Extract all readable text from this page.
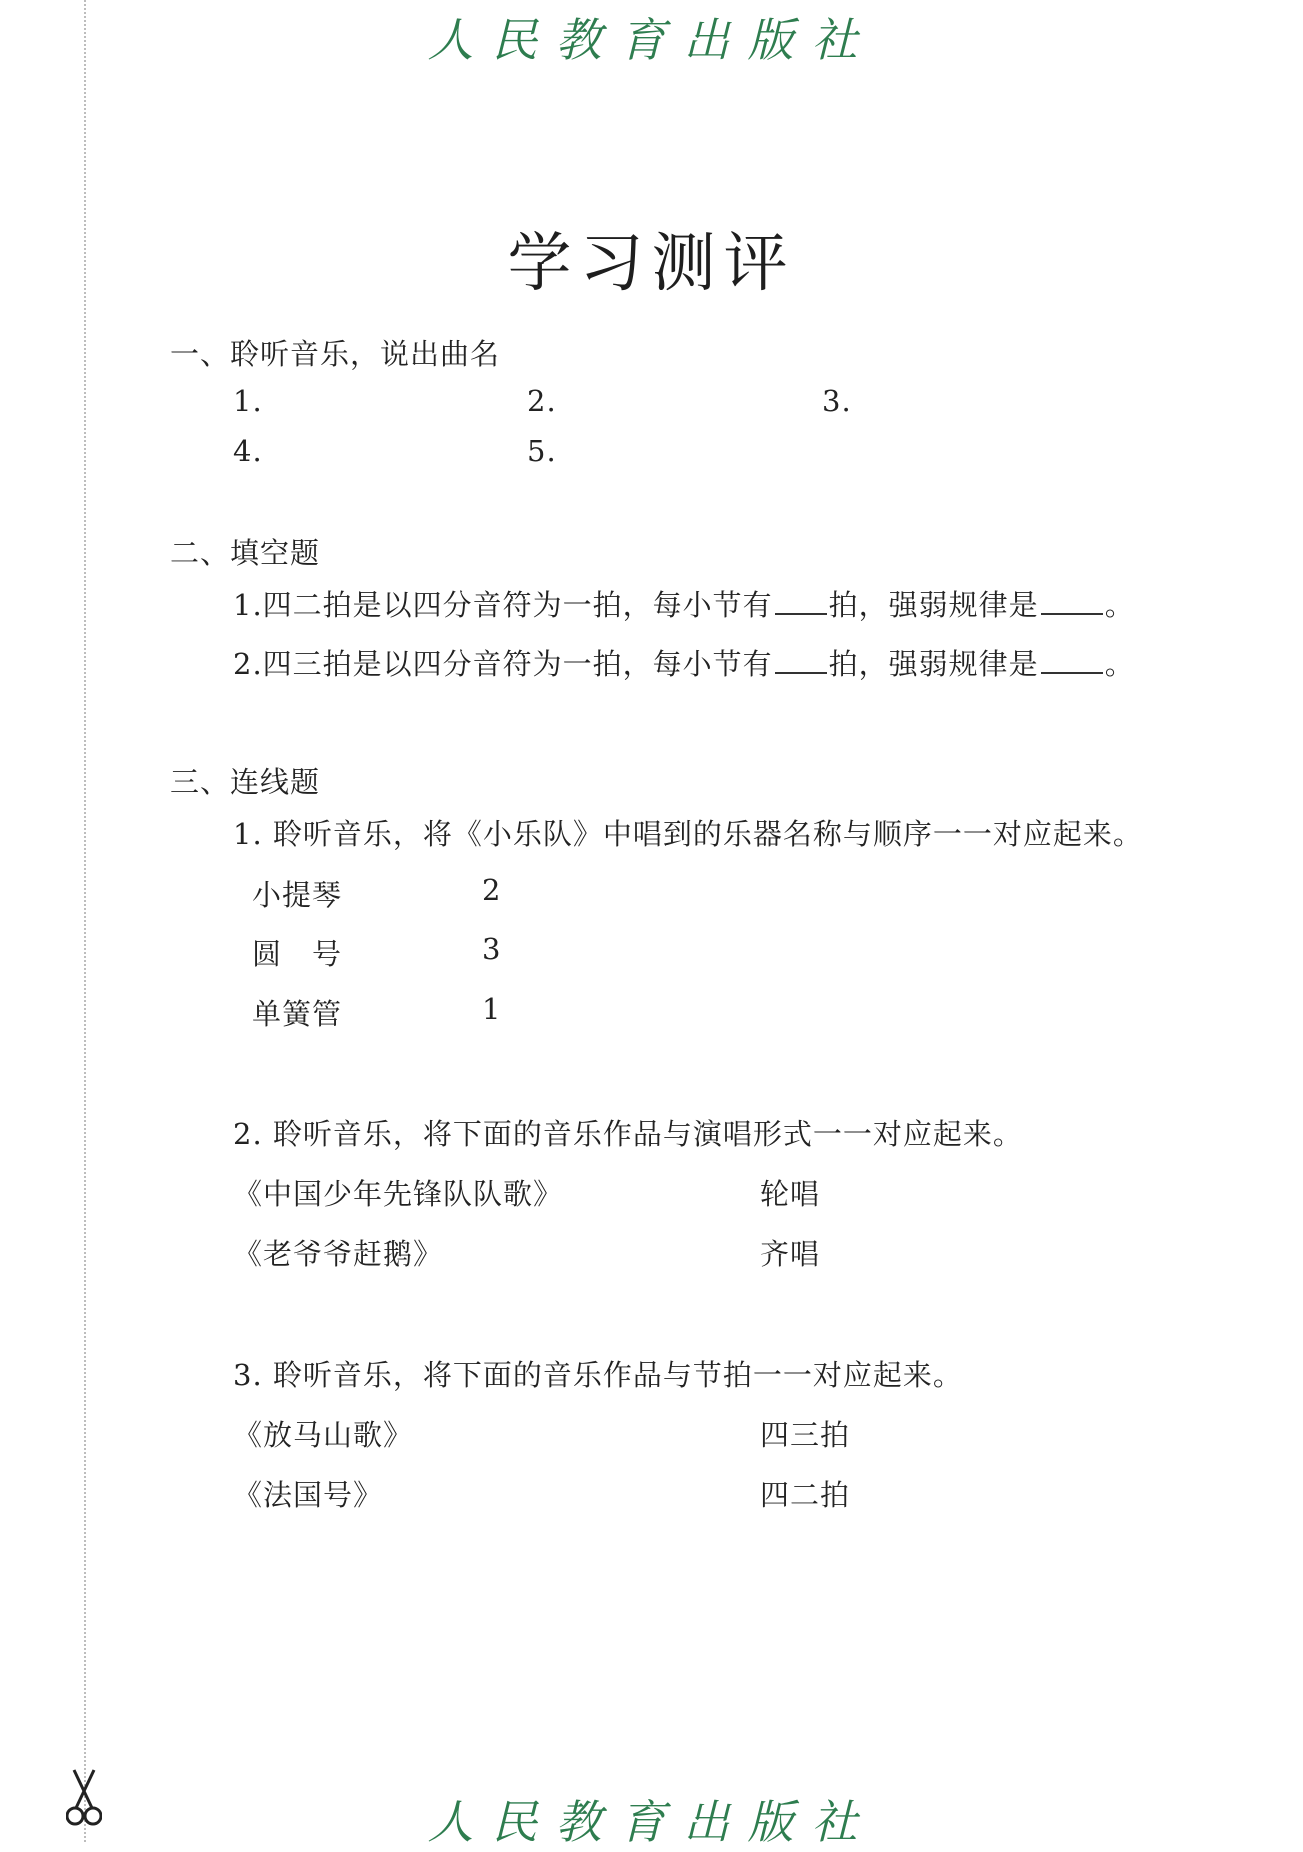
人民教育出版社
学习测评
一、聆听音乐，说出曲名
1.	2.	3.
4.	5.
二、填空题
1.四二拍是以四分音符为一拍，每小节有 拍，强弱规律是 。
2.四三拍是以四分音符为一拍，每小节有 拍，强弱规律是 。
三、连线题
1. 聆听音乐，将《小乐队》中唱到的乐器名称与顺序一一对应起来。
小提琴	2
圆　号	3
单簧管	1
2. 聆听音乐，将下面的音乐作品与演唱形式一一对应起来。
《中国少年先锋队队歌》	轮唱
《老爷爷赶鹅》	齐唱
3. 聆听音乐，将下面的音乐作品与节拍一一对应起来。
《放马山歌》	四三拍
《法国号》	四二拍
人民教育出版社
